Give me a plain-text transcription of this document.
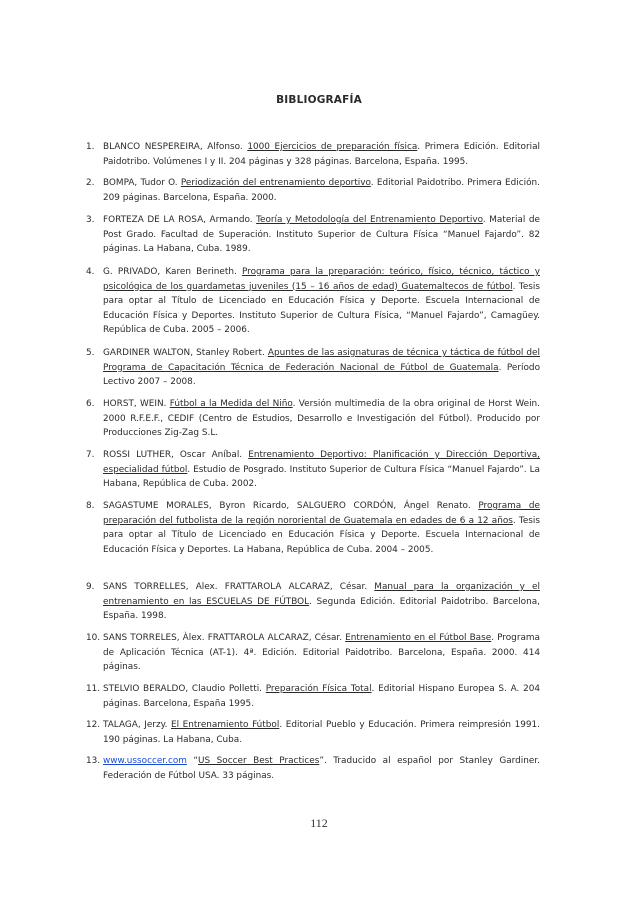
BIBLIOGRAFÍA
1. BLANCO NESPEREIRA, Alfonso. 1000 Ejercicios de preparación física. Primera Edición. Editorial Paidotribo. Volúmenes I y II. 204 páginas y 328 páginas. Barcelona, España. 1995.
2. BOMPA, Tudor O. Periodización del entrenamiento deportivo. Editorial Paidotribo. Primera Edición. 209 páginas. Barcelona, España. 2000.
3. FORTEZA DE LA ROSA, Armando. Teoría y Metodología del Entrenamiento Deportivo. Material de Post Grado. Facultad de Superación. Instituto Superior de Cultura Física “Manuel Fajardo”. 82 páginas. La Habana, Cuba. 1989.
4. G. PRIVADO, Karen Berineth. Programa para la preparación: teórico, físico, técnico, táctico y psicológica de los guardametas juveniles (15 – 16 años de edad) Guatemaltecos de fútbol. Tesis para optar al Título de Licenciado en Educación Física y Deporte. Escuela Internacional de Educación Física y Deportes. Instituto Superior de Cultura Física, “Manuel Fajardo”, Camagüey. República de Cuba. 2005 – 2006.
5. GARDINER WALTON, Stanley Robert. Apuntes de las asignaturas de técnica y táctica de fútbol del Programa de Capacitación Técnica de Federación Nacional de Fútbol de Guatemala. Período Lectivo 2007 – 2008.
6. HORST, WEIN. Fútbol a la Medida del Niño. Versión multimedia de la obra original de Horst Wein. 2000 R.F.E.F., CEDIF (Centro de Estudios, Desarrollo e Investigación del Fútbol). Producido por Producciones Zig-Zag S.L.
7. ROSSI LUTHER, Oscar Aníbal. Entrenamiento Deportivo: Planificación y Dirección Deportiva, especialidad fútbol. Estudio de Posgrado. Instituto Superior de Cultura Física “Manuel Fajardo”. La Habana, República de Cuba. 2002.
8. SAGASTUME MORALES, Byron Ricardo, SALGUERO CORDÓN, Ángel Renato. Programa de preparación del futbolista de la región nororiental de Guatemala en edades de 6 a 12 años. Tesis para optar al Título de Licenciado en Educación Física y Deporte. Escuela Internacional de Educación Física y Deportes. La Habana, República de Cuba. 2004 – 2005.
9. SANS TORRELLES, Alex. FRATTAROLA ALCARAZ, César. Manual para la organización y el entrenamiento en las ESCUELAS DE FÚTBOL. Segunda Edición. Editorial Paidotribo. Barcelona, España. 1998.
10. SANS TORRELES, Àlex. FRATTAROLA ALCARAZ, César. Entrenamiento en el Fútbol Base. Programa de Aplicación Técnica (AT-1). 4ª. Edición. Editorial Paidotribo. Barcelona, España. 2000. 414 páginas.
11. STELVIO BERALDO, Claudio Polletti. Preparación Física Total. Editorial Hispano Europea S. A. 204 páginas. Barcelona, España 1995.
12. TALAGA, Jerzy. El Entrenamiento Fútbol. Editorial Pueblo y Educación. Primera reimpresión 1991. 190 páginas. La Habana, Cuba.
13. www.ussoccer.com “US Soccer Best Practices”. Traducido al español por Stanley Gardiner. Federación de Fútbol USA. 33 páginas.
112
